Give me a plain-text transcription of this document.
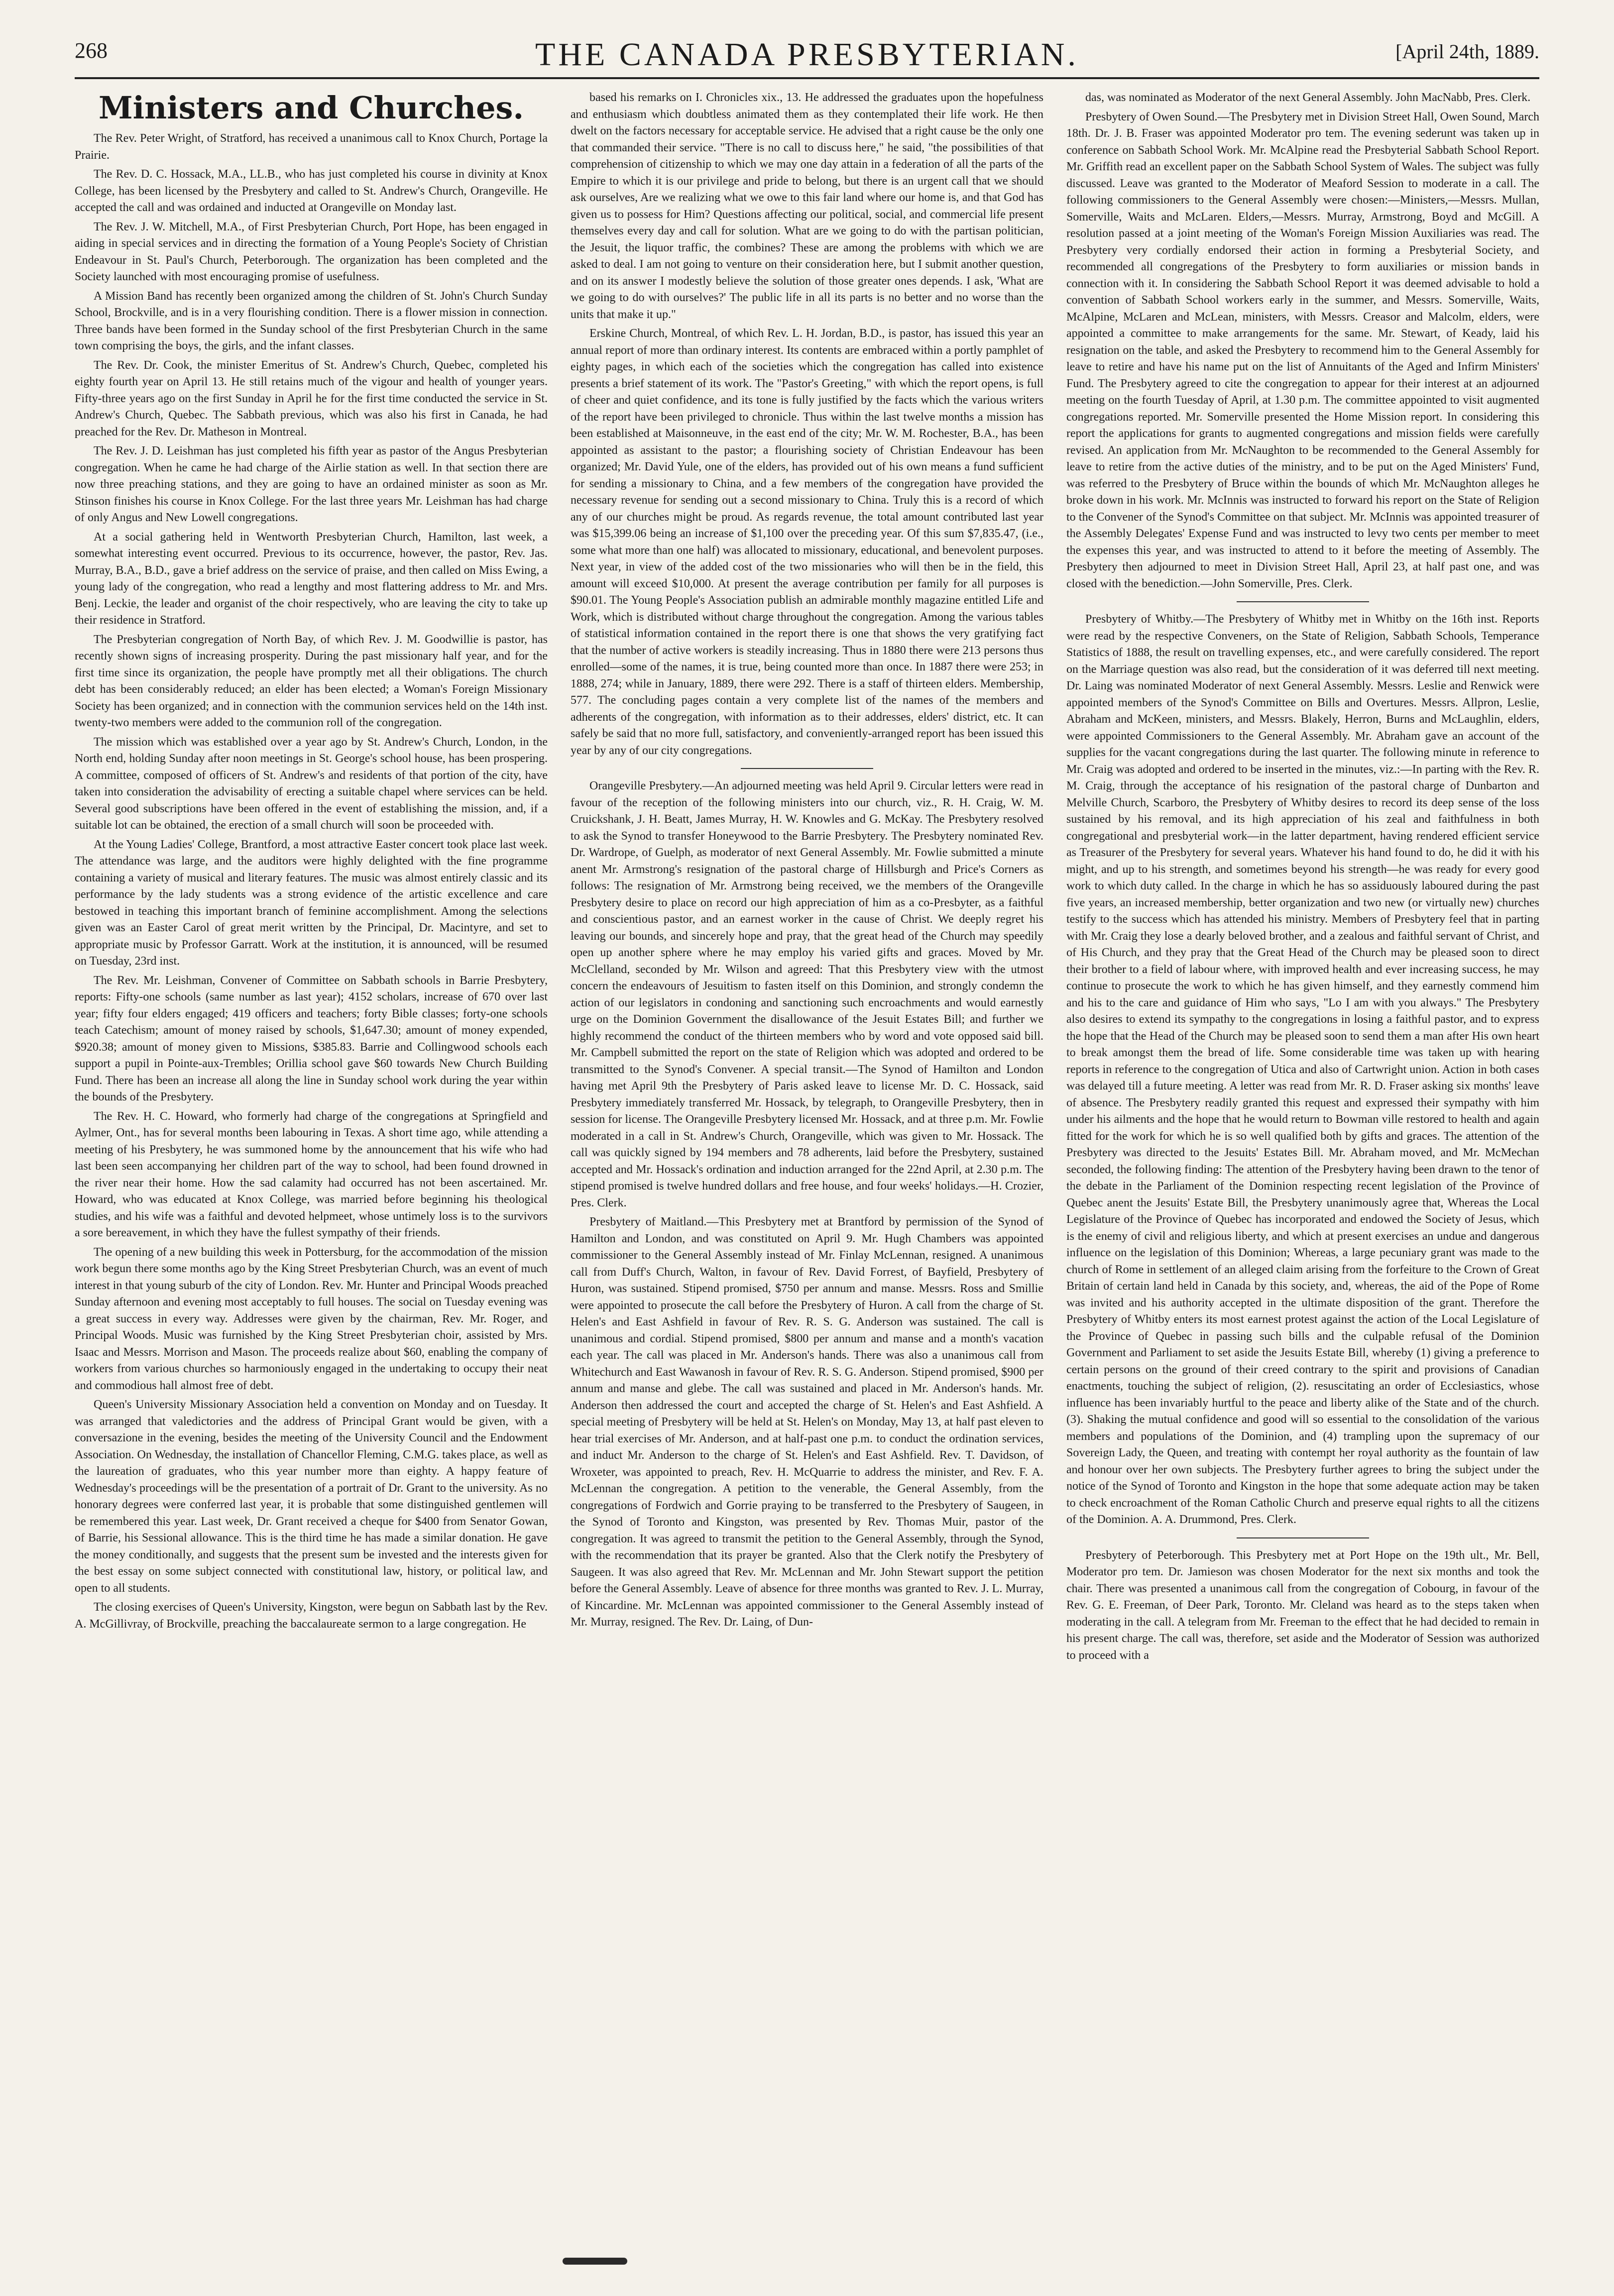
268	THE CANADA PRESBYTERIAN.	[April 24th, 1889.
Ministers and Churches.

The Rev. Peter Wright, of Stratford, has received a unanimous call to Knox Church, Portage la Prairie.

The Rev. D. C. Hossack, M.A., LL.B., who has just completed his course in divinity at Knox College, has been licensed by the Presbytery and called to St. Andrew's Church, Orangeville. He accepted the call and was ordained and inducted at Orangeville on Monday last.

The Rev. J. W. Mitchell, M.A., of First Presbyterian Church, Port Hope, has been engaged in aiding in special services and in directing the formation of a Young People's Society of Christian Endeavour in St. Paul's Church, Peterborough. The organization has been completed and the Society launched with most encouraging promise of usefulness.

A Mission Band has recently been organized among the children of St. John's Church Sunday School, Brockville, and is in a very flourishing condition. There is a flower mission in connection. Three bands have been formed in the Sunday school of the first Presbyterian Church in the same town comprising the boys, the girls, and the infant classes.

The Rev. Dr. Cook, the minister Emeritus of St. Andrew's Church, Quebec, completed his eighty fourth year on April 13. He still retains much of the vigour and health of younger years. Fifty-three years ago on the first Sunday in April he for the first time conducted the service in St. Andrew's Church, Quebec. The Sabbath previous, which was also his first in Canada, he had preached for the Rev. Dr. Matheson in Montreal.

The Rev. J. D. Leishman has just completed his fifth year as pastor of the Angus Presbyterian congregation. When he came he had charge of the Airlie station as well. In that section there are now three preaching stations, and they are going to have an ordained minister as soon as Mr. Stinson finishes his course in Knox College. For the last three years Mr. Leishman has had charge of only Angus and New Lowell congregations.

At a social gathering held in Wentworth Presbyterian Church, Hamilton, last week, a somewhat interesting event occurred. Previous to its occurrence, however, the pastor, Rev. Jas. Murray, B.A., B.D., gave a brief address on the service of praise, and then called on Miss Ewing, a young lady of the congregation, who read a lengthy and most flattering address to Mr. and Mrs. Benj. Leckie, the leader and organist of the choir respectively, who are leaving the city to take up their residence in Stratford.

The Presbyterian congregation of North Bay, of which Rev. J. M. Goodwillie is pastor, has recently shown signs of increasing prosperity. During the past missionary half year, and for the first time since its organization, the people have promptly met all their obligations. The church debt has been considerably reduced; an elder has been elected; a Woman's Foreign Missionary Society has been organized; and in connection with the communion services held on the 14th inst. twenty-two members were added to the communion roll of the congregation.

The mission which was established over a year ago by St. Andrew's Church, London, in the North end, holding Sunday after noon meetings in St. George's school house, has been prospering. A committee, composed of officers of St. Andrew's and residents of that portion of the city, have taken into consideration the advisability of erecting a suitable chapel where services can be held. Several good subscriptions have been offered in the event of establishing the mission, and, if a suitable lot can be obtained, the erection of a small church will soon be proceeded with.

At the Young Ladies' College, Brantford, a most attractive Easter concert took place last week. The attendance was large, and the auditors were highly delighted with the fine programme containing a variety of musical and literary features. The music was almost entirely classic and its performance by the lady students was a strong evidence of the artistic excellence and care bestowed in teaching this important branch of feminine accomplishment. Among the selections given was an Easter Carol of great merit written by the Principal, Dr. Macintyre, and set to appropriate music by Professor Garratt. Work at the institution, it is announced, will be resumed on Tuesday, 23rd inst.

The Rev. Mr. Leishman, Convener of Committee on Sabbath schools in Barrie Presbytery, reports: Fifty-one schools (same number as last year); 4152 scholars, increase of 670 over last year; fifty four elders engaged; 419 officers and teachers; forty Bible classes; forty-one schools teach Catechism; amount of money raised by schools, $1,647.30; amount of money expended, $920.38; amount of money given to Missions, $385.83. Barrie and Collingwood schools each support a pupil in Pointe-aux-Trembles; Orillia school gave $60 towards New Church Building Fund. There has been an increase all along the line in Sunday school work during the year within the bounds of the Presbytery.

The Rev. H. C. Howard, who formerly had charge of the congregations at Springfield and Aylmer, Ont., has for several months been labouring in Texas. A short time ago, while attending a meeting of his Presbytery, he was summoned home by the announcement that his wife who had last been seen accompanying her children part of the way to school, had been found drowned in the river near their home. How the sad calamity had occurred has not been ascertained. Mr. Howard, who was educated at Knox College, was married before beginning his theological studies, and his wife was a faithful and devoted helpmeet, whose untimely loss is to the survivors a sore bereavement, in which they have the fullest sympathy of their friends.

The opening of a new building this week in Pottersburg, for the accommodation of the mission work begun there some months ago by the King Street Presbyterian Church, was an event of much interest in that young suburb of the city of London. Rev. Mr. Hunter and Principal Woods preached Sunday afternoon and evening most acceptably to full houses. The social on Tuesday evening was a great success in every way. Addresses were given by the chairman, Rev. Mr. Roger, and Principal Woods. Music was furnished by the King Street Presbyterian choir, assisted by Mrs. Isaac and Messrs. Morrison and Mason. The proceeds realize about $60, enabling the company of workers from various churches so harmoniously engaged in the undertaking to occupy their neat and commodious hall almost free of debt.

Queen's University Missionary Association held a convention on Monday and on Tuesday. It was arranged that valedictories and the address of Principal Grant would be given, with a conversazione in the evening, besides the meeting of the University Council and the Endowment Association. On Wednesday, the installation of Chancellor Fleming, C.M.G. takes place, as well as the laureation of graduates, who this year number more than eighty. A happy feature of Wednesday's proceedings will be the presentation of a portrait of Dr. Grant to the university. As no honorary degrees were conferred last year, it is probable that some distinguished gentlemen will be remembered this year. Last week, Dr. Grant received a cheque for $400 from Senator Gowan, of Barrie, his Sessional allowance. This is the third time he has made a similar donation. He gave the money conditionally, and suggests that the present sum be invested and the interests given for the best essay on some subject connected with constitutional law, history, or political law, and open to all students.

The closing exercises of Queen's University, Kingston, were begun on Sabbath last by the Rev. A. McGillivray, of Brockville, preaching the baccalaureate sermon to a large congregation. He

based his remarks on I. Chronicles xix., 13. He addressed the graduates upon the hopefulness and enthusiasm which doubtless animated them as they contemplated their life work. He then dwelt on the factors necessary for acceptable service. He advised that a right cause be the only one that commanded their service. "There is no call to discuss here," he said, "the possibilities of that comprehension of citizenship to which we may one day attain in a federation of all the parts of the Empire to which it is our privilege and pride to belong, but there is an urgent call that we should ask ourselves, Are we realizing what we owe to this fair land where our home is, and that God has given us to possess for Him? Questions affecting our political, social, and commercial life present themselves every day and call for solution. What are we going to do with the partisan politician, the Jesuit, the liquor traffic, the combines? These are among the problems with which we are asked to deal. I am not going to venture on their consideration here, but I submit another question, and on its answer I modestly believe the solution of those greater ones depends. I ask, 'What are we going to do with ourselves?' The public life in all its parts is no better and no worse than the units that make it up."

Erskine Church, Montreal, of which Rev. L. H. Jordan, B.D., is pastor, has issued this year an annual report of more than ordinary interest. Its contents are embraced within a portly pamphlet of eighty pages, in which each of the societies which the congregation has called into existence presents a brief statement of its work. The "Pastor's Greeting," with which the report opens, is full of cheer and quiet confidence, and its tone is fully justified by the facts which the various writers of the report have been privileged to chronicle. Thus within the last twelve months a mission has been established at Maisonneuve, in the east end of the city; Mr. W. M. Rochester, B.A., has been appointed as assistant to the pastor; a flourishing society of Christian Endeavour has been organized; Mr. David Yule, one of the elders, has provided out of his own means a fund sufficient for sending a missionary to China, and a few members of the congregation have provided the necessary revenue for sending out a second missionary to China. Truly this is a record of which any of our churches might be proud. As regards revenue, the total amount contributed last year was $15,399.06 being an increase of $1,100 over the preceding year. Of this sum $7,835.47, (i.e., some what more than one half) was allocated to missionary, educational, and benevolent purposes. Next year, in view of the added cost of the two missionaries who will then be in the field, this amount will exceed $10,000. At present the average contribution per family for all purposes is $90.01. The Young People's Association publish an admirable monthly magazine entitled Life and Work, which is distributed without charge throughout the congregation. Among the various tables of statistical information contained in the report there is one that shows the very gratifying fact that the number of active workers is steadily increasing. Thus in 1880 there were 213 persons thus enrolled—some of the names, it is true, being counted more than once. In 1887 there were 253; in 1888, 274; while in January, 1889, there were 292. There is a staff of thirteen elders. Membership, 577. The concluding pages contain a very complete list of the names of the members and adherents of the congregation, with information as to their addresses, elders' district, etc. It can safely be said that no more full, satisfactory, and conveniently-arranged report has been issued this year by any of our city congregations.

Orangeville Presbytery.—An adjourned meeting was held April 9. Circular letters were read in favour of the reception of the following ministers into our church, viz., R. H. Craig, W. M. Cruickshank, J. H. Beatt, James Murray, H. W. Knowles and G. McKay. The Presbytery resolved to ask the Synod to transfer Honeywood to the Barrie Presbytery. The Presbytery nominated Rev. Dr. Wardrope, of Guelph, as moderator of next General Assembly. Mr. Fowlie submitted a minute anent Mr. Armstrong's resignation of the pastoral charge of Hillsburgh and Price's Corners as follows: The resignation of Mr. Armstrong being received, we the members of the Orangeville Presbytery desire to place on record our high appreciation of him as a co-Presbyter, as a faithful and conscientious pastor, and an earnest worker in the cause of Christ. We deeply regret his leaving our bounds, and sincerely hope and pray, that the great head of the Church may speedily open up another sphere where he may employ his varied gifts and graces. Moved by Mr. McClelland, seconded by Mr. Wilson and agreed: That this Presbytery view with the utmost concern the endeavours of Jesuitism to fasten itself on this Dominion, and strongly condemn the action of our legislators in condoning and sanctioning such encroachments and would earnestly urge on the Dominion Government the disallowance of the Jesuit Estates Bill; and further we highly recommend the conduct of the thirteen members who by word and vote opposed said bill. Mr. Campbell submitted the report on the state of Religion which was adopted and ordered to be transmitted to the Synod's Convener. A special transit.—The Synod of Hamilton and London having met April 9th the Presbytery of Paris asked leave to license Mr. D. C. Hossack, said Presbytery immediately transferred Mr. Hossack, by telegraph, to Orangeville Presbytery, then in session for license. The Orangeville Presbytery licensed Mr. Hossack, and at three p.m. Mr. Fowlie moderated in a call in St. Andrew's Church, Orangeville, which was given to Mr. Hossack. The call was quickly signed by 194 members and 78 adherents, laid before the Presbytery, sustained accepted and Mr. Hossack's ordination and induction arranged for the 22nd April, at 2.30 p.m. The stipend promised is twelve hundred dollars and free house, and four weeks' holidays.—H. Crozier, Pres. Clerk.

Presbytery of Maitland.—This Presbytery met at Brantford by permission of the Synod of Hamilton and London, and was constituted on April 9. Mr. Hugh Chambers was appointed commissioner to the General Assembly instead of Mr. Finlay McLennan, resigned. A unanimous call from Duff's Church, Walton, in favour of Rev. David Forrest, of Bayfield, Presbytery of Huron, was sustained. Stipend promised, $750 per annum and manse. Messrs. Ross and Smillie were appointed to prosecute the call before the Presbytery of Huron. A call from the charge of St. Helen's and East Ashfield in favour of Rev. R. S. G. Anderson was sustained. The call is unanimous and cordial. Stipend promised, $800 per annum and manse and a month's vacation each year. The call was placed in Mr. Anderson's hands. There was also a unanimous call from Whitechurch and East Wawanosh in favour of Rev. R. S. G. Anderson. Stipend promised, $900 per annum and manse and glebe. The call was sustained and placed in Mr. Anderson's hands. Mr. Anderson then addressed the court and accepted the charge of St. Helen's and East Ashfield. A special meeting of Presbytery will be held at St. Helen's on Monday, May 13, at half past eleven to hear trial exercises of Mr. Anderson, and at half-past one p.m. to conduct the ordination services, and induct Mr. Anderson to the charge of St. Helen's and East Ashfield. Rev. T. Davidson, of Wroxeter, was appointed to preach, Rev. H. McQuarrie to address the minister, and Rev. F. A. McLennan the congregation. A petition to the venerable, the General Assembly, from the congregations of Fordwich and Gorrie praying to be transferred to the Presbytery of Saugeen, in the Synod of Toronto and Kingston, was presented by Rev. Thomas Muir, pastor of the congregation. It was agreed to transmit the petition to the General Assembly, through the Synod, with the recommendation that its prayer be granted. Also that the Clerk notify the Presbytery of Saugeen. It was also agreed that Rev. Mr. McLennan and Mr. John Stewart support the petition before the General Assembly. Leave of absence for three months was granted to Rev. J. L. Murray, of Kincardine. Mr. McLennan was appointed commissioner to the General Assembly instead of Mr. Murray, resigned. The Rev. Dr. Laing, of Dun-

das, was nominated as Moderator of the next General Assembly. John MacNabb, Pres. Clerk.

Presbytery of Owen Sound.—The Presbytery met in Division Street Hall, Owen Sound, March 18th. Dr. J. B. Fraser was appointed Moderator pro tem. The evening sederunt was taken up in conference on Sabbath School Work. Mr. McAlpine read the Presbyterial Sabbath School Report. Mr. Griffith read an excellent paper on the Sabbath School System of Wales. The subject was fully discussed. Leave was granted to the Moderator of Meaford Session to moderate in a call. The following commissioners to the General Assembly were chosen:—Ministers,—Messrs. Mullan, Somerville, Waits and McLaren. Elders,—Messrs. Murray, Armstrong, Boyd and McGill. A resolution passed at a joint meeting of the Woman's Foreign Mission Auxiliaries was read. The Presbytery very cordially endorsed their action in forming a Presbyterial Society, and recommended all congregations of the Presbytery to form auxiliaries or mission bands in connection with it. In considering the Sabbath School Report it was deemed advisable to hold a convention of Sabbath School workers early in the summer, and Messrs. Somerville, Waits, McAlpine, McLaren and McLean, ministers, with Messrs. Creasor and Malcolm, elders, were appointed a committee to make arrangements for the same. Mr. Stewart, of Keady, laid his resignation on the table, and asked the Presbytery to recommend him to the General Assembly for leave to retire and have his name put on the list of Annuitants of the Aged and Infirm Ministers' Fund. The Presbytery agreed to cite the congregation to appear for their interest at an adjourned meeting on the fourth Tuesday of April, at 1.30 p.m. The committee appointed to visit augmented congregations reported. Mr. Somerville presented the Home Mission report. In considering this report the applications for grants to augmented congregations and mission fields were carefully revised. An application from Mr. McNaughton to be recommended to the General Assembly for leave to retire from the active duties of the ministry, and to be put on the Aged Ministers' Fund, was referred to the Presbytery of Bruce within the bounds of which Mr. McNaughton alleges he broke down in his work. Mr. McInnis was instructed to forward his report on the State of Religion to the Convener of the Synod's Committee on that subject. Mr. McInnis was appointed treasurer of the Assembly Delegates' Expense Fund and was instructed to levy two cents per member to meet the expenses this year, and was instructed to attend to it before the meeting of Assembly. The Presbytery then adjourned to meet in Division Street Hall, April 23, at half past one, and was closed with the benediction.—John Somerville, Pres. Clerk.

Presbytery of Whitby.—The Presbytery of Whitby met in Whitby on the 16th inst. Reports were read by the respective Conveners, on the State of Religion, Sabbath Schools, Temperance Statistics of 1888, the result on travelling expenses, etc., and were carefully considered. The report on the Marriage question was also read, but the consideration of it was deferred till next meeting. Dr. Laing was nominated Moderator of next General Assembly. Messrs. Leslie and Renwick were appointed members of the Synod's Committee on Bills and Overtures. Messrs. Allpron, Leslie, Abraham and McKeen, ministers, and Messrs. Blakely, Herron, Burns and McLaughlin, elders, were appointed Commissioners to the General Assembly. Mr. Abraham gave an account of the supplies for the vacant congregations during the last quarter. The following minute in reference to Mr. Craig was adopted and ordered to be inserted in the minutes, viz.:—In parting with the Rev. R. M. Craig, through the acceptance of his resignation of the pastoral charge of Dunbarton and Melville Church, Scarboro, the Presbytery of Whitby desires to record its deep sense of the loss sustained by his removal, and its high appreciation of his zeal and faithfulness in both congregational and presbyterial work—in the latter department, having rendered efficient service as Treasurer of the Presbytery for several years. Whatever his hand found to do, he did it with his might, and up to his strength, and sometimes beyond his strength—he was ready for every good work to which duty called. In the charge in which he has so assiduously laboured during the past five years, an increased membership, better organization and two new (or virtually new) churches testify to the success which has attended his ministry. Members of Presbytery feel that in parting with Mr. Craig they lose a dearly beloved brother, and a zealous and faithful servant of Christ, and of His Church, and they pray that the Great Head of the Church may be pleased soon to direct their brother to a field of labour where, with improved health and ever increasing success, he may continue to prosecute the work to which he has given himself, and they earnestly commend him and his to the care and guidance of Him who says, "Lo I am with you always." The Presbytery also desires to extend its sympathy to the congregations in losing a faithful pastor, and to express the hope that the Head of the Church may be pleased soon to send them a man after His own heart to break amongst them the bread of life. Some considerable time was taken up with hearing reports in reference to the congregation of Utica and also of Cartwright union. Action in both cases was delayed till a future meeting. A letter was read from Mr. R. D. Fraser asking six months' leave of absence. The Presbytery readily granted this request and expressed their sympathy with him under his ailments and the hope that he would return to Bowman ville restored to health and again fitted for the work for which he is so well qualified both by gifts and graces. The attention of the Presbytery was directed to the Jesuits' Estates Bill. Mr. Abraham moved, and Mr. McMechan seconded, the following finding: The attention of the Presbytery having been drawn to the tenor of the debate in the Parliament of the Dominion respecting recent legislation of the Province of Quebec anent the Jesuits' Estate Bill, the Presbytery unanimously agree that, Whereas the Local Legislature of the Province of Quebec has incorporated and endowed the Society of Jesus, which is the enemy of civil and religious liberty, and which at present exercises an undue and dangerous influence on the legislation of this Dominion; Whereas, a large pecuniary grant was made to the church of Rome in settlement of an alleged claim arising from the forfeiture to the Crown of Great Britain of certain land held in Canada by this society, and, whereas, the aid of the Pope of Rome was invited and his authority accepted in the ultimate disposition of the grant. Therefore the Presbytery of Whitby enters its most earnest protest against the action of the Local Legislature of the Province of Quebec in passing such bills and the culpable refusal of the Dominion Government and Parliament to set aside the Jesuits Estate Bill, whereby (1) giving a preference to certain persons on the ground of their creed contrary to the spirit and provisions of Canadian enactments, touching the subject of religion, (2). resuscitating an order of Ecclesiastics, whose influence has been invariably hurtful to the peace and liberty alike of the State and of the church. (3). Shaking the mutual confidence and good will so essential to the consolidation of the various members and populations of the Dominion, and (4) trampling upon the supremacy of our Sovereign Lady, the Queen, and treating with contempt her royal authority as the fountain of law and honour over her own subjects. The Presbytery further agrees to bring the subject under the notice of the Synod of Toronto and Kingston in the hope that some adequate action may be taken to check encroachment of the Roman Catholic Church and preserve equal rights to all the citizens of the Dominion. A. A. Drummond, Pres. Clerk.

Presbytery of Peterborough. This Presbytery met at Port Hope on the 19th ult., Mr. Bell, Moderator pro tem. Dr. Jamieson was chosen Moderator for the next six months and took the chair. There was presented a unanimous call from the congregation of Cobourg, in favour of the Rev. G. E. Freeman, of Deer Park, Toronto. Mr. Cleland was heard as to the steps taken when moderating in the call. A telegram from Mr. Freeman to the effect that he had decided to remain in his present charge. The call was, therefore, set aside and the Moderator of Session was authorized to proceed with a
